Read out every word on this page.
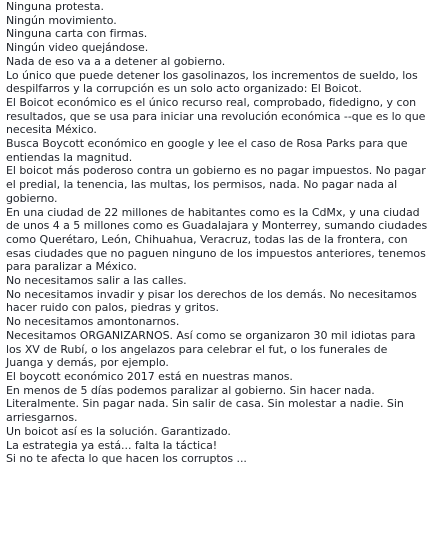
Ninguna protesta.

Ningún movimiento.

Ninguna carta con firmas.

Ningún video quejándose.

Nada de eso va a a detener al gobierno.

Lo único que puede detener los gasolinazos, los incrementos de sueldo, los
despilfarros y la corrupción es un solo acto organizado: El Boicot.

El Boicot económico es el único recurso real, comprobado, fidedigno, y con
resultados, que se usa para iniciar una revolución económica --que es lo que
necesita México.

Busca Boycott económico en google y lee el caso de Rosa Parks para que
entiendas la magnitud.

El boicot más poderoso contra un gobierno es no pagar impuestos. No pagar
el predial, la tenencia, las multas, los permisos, nada. No pagar nada al
gobierno.

En una ciudad de 22 millones de habitantes como es la CdMx, y una ciudad
de unos 4 a 5 millones como es Guadalajara y Monterrey, sumando ciudades
como Querétaro, León, Chihuahua, Veracruz, todas las de la frontera, con
esas ciudades que no paguen ninguno de los impuestos anteriores, tenemos
para paralizar a México.

No necesitamos salir a las calles.

No necesitamos invadir y pisar los derechos de los demás. No necesitamos
hacer ruido con palos, piedras y gritos.

No necesitamos amontonarnos.

Necesitamos ORGANIZARNOS. Así como se organizaron 30 mil idiotas para
los XV de Rubí, o los angelazos para celebrar el fut, o los funerales de
Juanga y demás, por ejemplo.

El boycott económico 2017 está en nuestras manos.

En menos de 5 días podemos paralizar al gobierno. Sin hacer nada.
Literalmente. Sin pagar nada. Sin salir de casa. Sin molestar a nadie. Sin
arriesgarnos.

Un boicot así es la solución. Garantizado.

La estrategia ya está... falta la táctica!

Si no te afecta lo que hacen los corruptos ...
